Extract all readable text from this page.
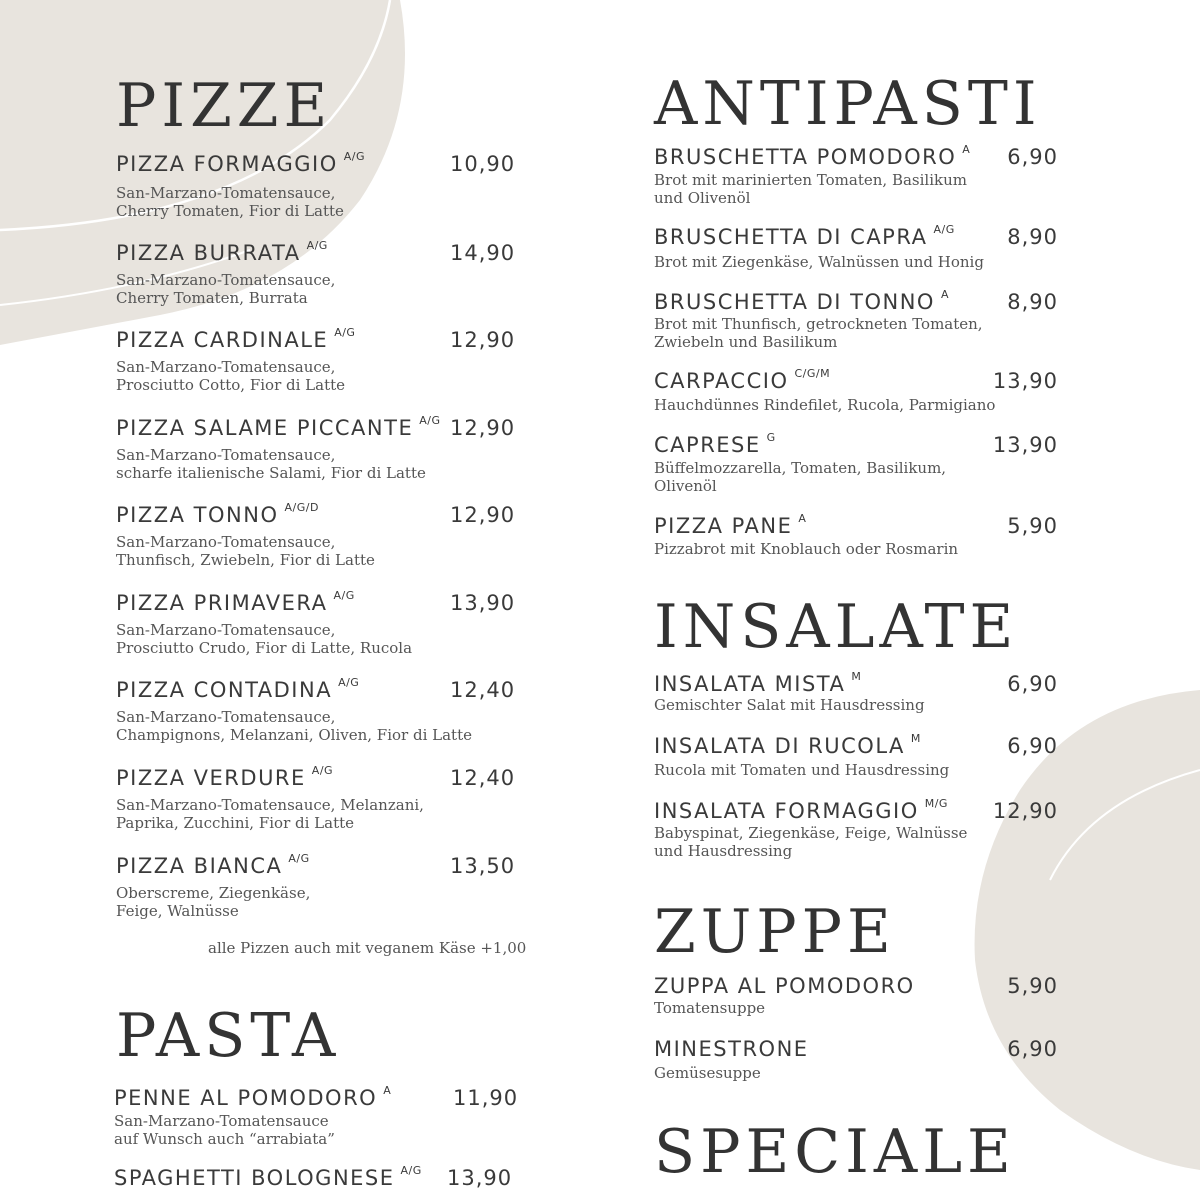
PIZZE
PIZZA FORMAGGIO $^{A/G}$	10,90
San-Marzano-Tomatensauce,
Cherry Tomaten, Fior di Latte
PIZZA BURRATA $^{A/G}$	14,90
San-Marzano-Tomatensauce,
Cherry Tomaten, Burrata
PIZZA CARDINALE $^{A/G}$	12,90
San-Marzano-Tomatensauce,
Prosciutto Cotto, Fior di Latte
PIZZA SALAME PICCANTE $^{A/G}$ 12,90
San-Marzano-Tomatensauce,
scharfe italienische Salami, Fior di Latte
PIZZA TONNO $^{A/G/D}$	12,90
San-Marzano-Tomatensauce,
Thunfisch, Zwiebeln, Fior di Latte
PIZZA PRIMAVERA $^{A/G}$	13,90
San-Marzano-Tomatensauce,
Prosciutto Crudo, Fior di Latte, Rucola
PIZZA CONTADINA $^{A/G}$	12,40
San-Marzano-Tomatensauce,
Champignons, Melanzani, Oliven, Fior di Latte
PIZZA VERDURE $^{A/G}$	12,40
San-Marzano-Tomatensauce, Melanzani,
Paprika, Zucchini, Fior di Latte
PIZZA BIANCA $^{A/G}$	13,50
Oberscreme, Ziegenkäse,
Feige, Walnüsse
alle Pizzen auch mit veganem Käse +1,00
PASTA
PENNE AL POMODORO $^A$	11,90
San-Marzano-Tomatensauce
auf Wunsch auch “arrabiata”
SPAGHETTI BOLOGNESE $^{A/G}$ 13,90
ANTIPASTI
BRUSCHETTA POMODORO $^A$ 6,90
Brot mit marinierten Tomaten, Basilikum
und Olivenöl
BRUSCHETTA DI CAPRA $^{A/G}$	8,90
Brot mit Ziegenkäse, Walnüssen und Honig
BRUSCHETTA DI TONNO $^A$	8,90
Brot mit Thunfisch, getrockneten Tomaten,
Zwiebeln und Basilikum
CARPACCIO $^{C/G/M}$	13,90
Hauchdünnes Rindefilet, Rucola, Parmigiano
CAPRESE $^G$	13,90
Büffelmozzarella, Tomaten, Basilikum,
Olivenöl
PIZZA PANE $^A$	5,90
Pizzabrot mit Knoblauch oder Rosmarin
INSALATE
INSALATA MISTA $^M$	6,90
Gemischter Salat mit Hausdressing
INSALATA DI RUCOLA $^M$	6,90
Rucola mit Tomaten und Hausdressing
INSALATA FORMAGGIO $^{M/G}$ 12,90
Babyspinat, Ziegenkäse, Feige, Walnüsse
und Hausdressing
ZUPPE
ZUPPA AL POMODORO	5,90
Tomatensuppe
MINESTRONE	6,90
Gemüsesuppe
SPECIALE
